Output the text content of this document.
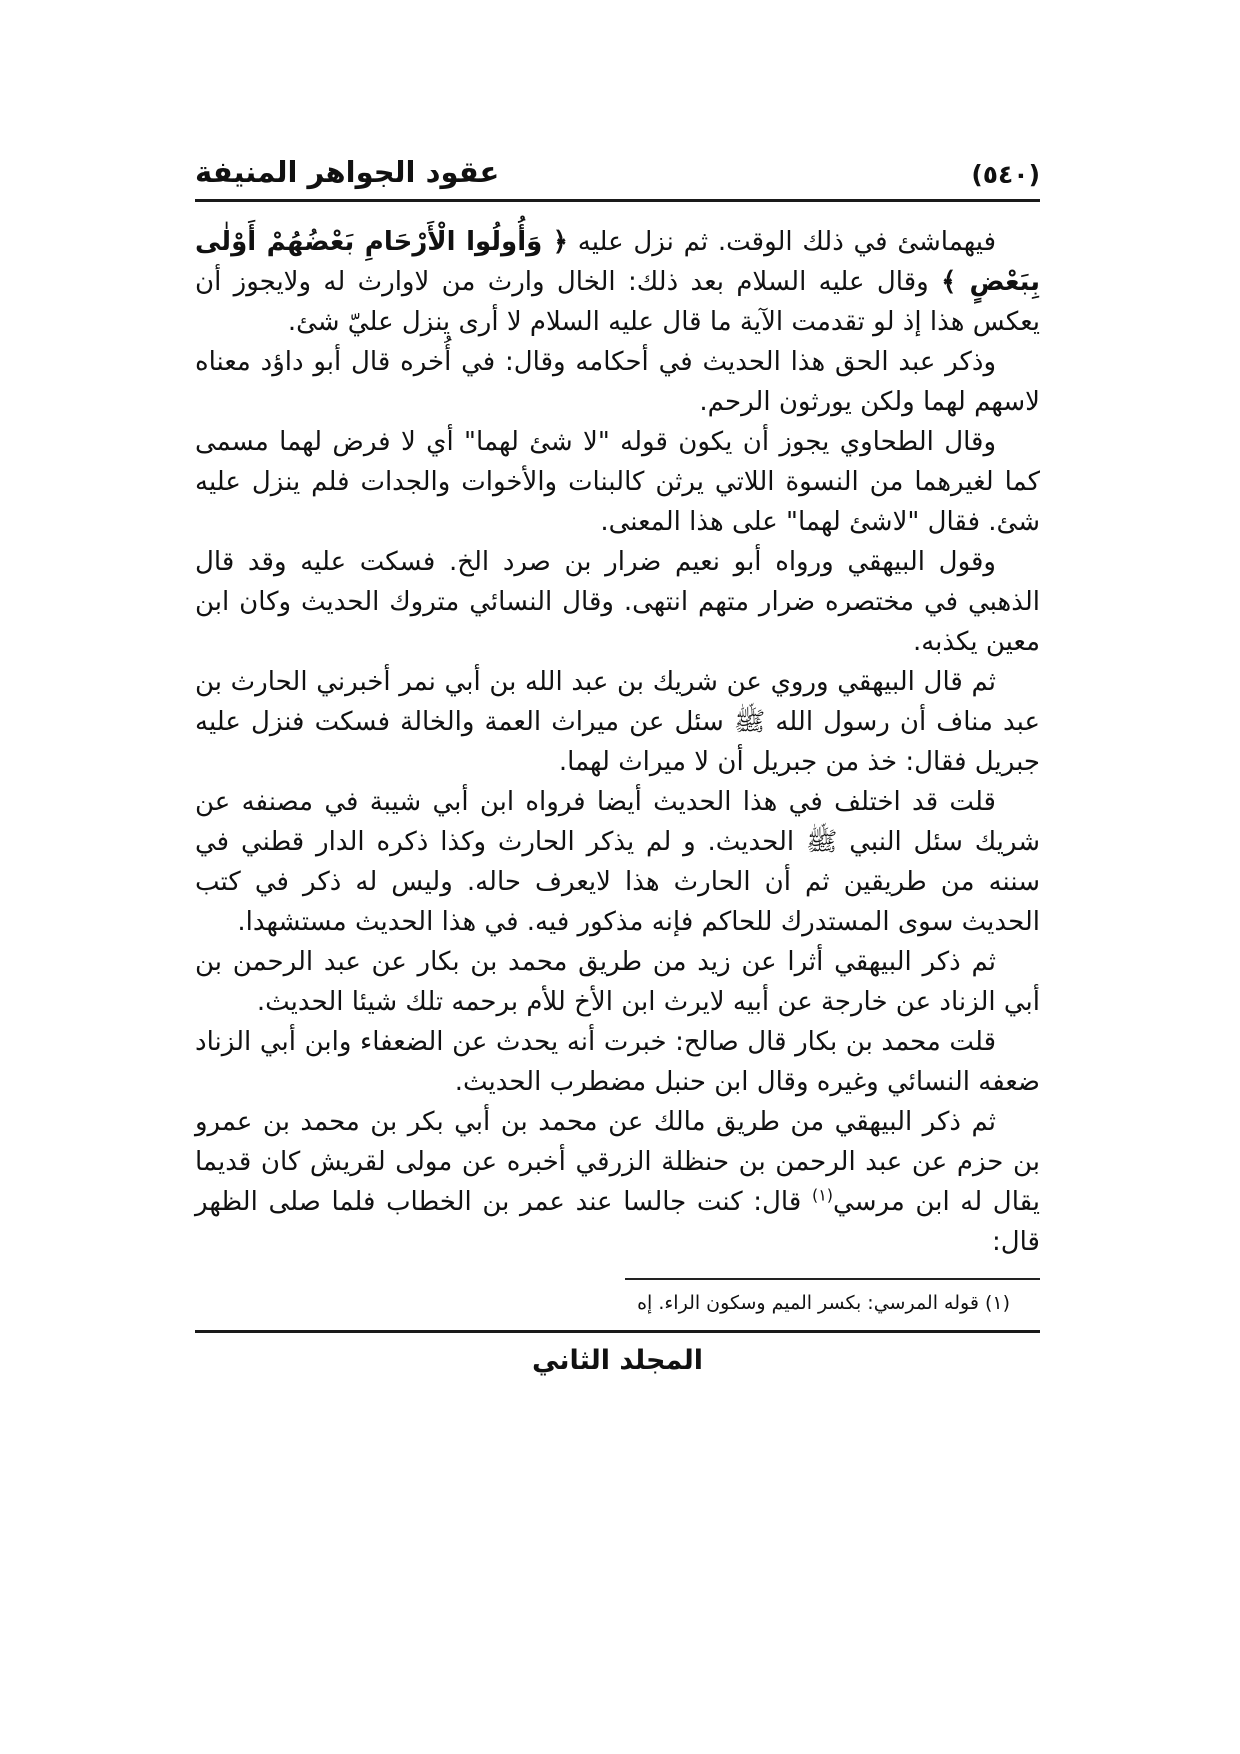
(٥٤٠)
عقود الجواهر المنيفة

فيهماشئ في ذلك الوقت. ثم نزل عليه ﴿ وَأُولُوا الْأَرْحَامِ بَعْضُهُمْ أَوْلٰى بِبَعْضٍ ﴾ وقال عليه السلام بعد ذلك: الخال وارث من لاوارث له ولايجوز أن يعكس هذا إذ لو تقدمت الآية ما قال عليه السلام لا أرى ينزل عليّ شئ.

وذكر عبد الحق هذا الحديث في أحكامه وقال: في أُخره قال أبو داؤد معناه لاسهم لهما ولكن يورثون الرحم.

وقال الطحاوي يجوز أن يكون قوله "لا شئ لهما" أي لا فرض لهما مسمى كما لغيرهما من النسوة اللاتي يرثن كالبنات والأخوات والجدات فلم ينزل عليه شئ. فقال "لاشئ لهما" على هذا المعنى.

وقول البيهقي ورواه أبو نعيم ضرار بن صرد الخ. فسكت عليه وقد قال الذهبي في مختصره ضرار متهم انتهى. وقال النسائي متروك الحديث وكان ابن معين يكذبه.

ثم قال البيهقي وروي عن شريك بن عبد الله بن أبي نمر أخبرني الحارث بن عبد مناف أن رسول الله ﷺ سئل عن ميراث العمة والخالة فسكت فنزل عليه جبريل فقال: خذ من جبريل أن لا ميراث لهما.

قلت قد اختلف في هذا الحديث أيضا فرواه ابن أبي شيبة في مصنفه عن شريك سئل النبي ﷺ الحديث. و لم يذكر الحارث وكذا ذكره الدار قطني في سننه من طريقين ثم أن الحارث هذا لايعرف حاله. وليس له ذكر في كتب الحديث سوى المستدرك للحاكم فإنه مذكور فيه. في هذا الحديث مستشهدا.

ثم ذكر البيهقي أثرا عن زيد من طريق محمد بن بكار عن عبد الرحمن بن أبي الزناد عن خارجة عن أبيه لايرث ابن الأخ للأم برحمه تلك شيئا الحديث.

قلت محمد بن بكار قال صالح: خبرت أنه يحدث عن الضعفاء وابن أبي الزناد ضعفه النسائي وغيره وقال ابن حنبل مضطرب الحديث.

ثم ذكر البيهقي من طريق مالك عن محمد بن أبي بكر بن محمد بن عمرو بن حزم عن عبد الرحمن بن حنظلة الزرقي أخبره عن مولى لقريش كان قديما يقال له ابن مرسي$^{(١)}$ قال: كنت جالسا عند عمر بن الخطاب فلما صلى الظهر قال:

(١) قوله المرسي: بكسر الميم وسكون الراء. إه
المجلد الثاني
